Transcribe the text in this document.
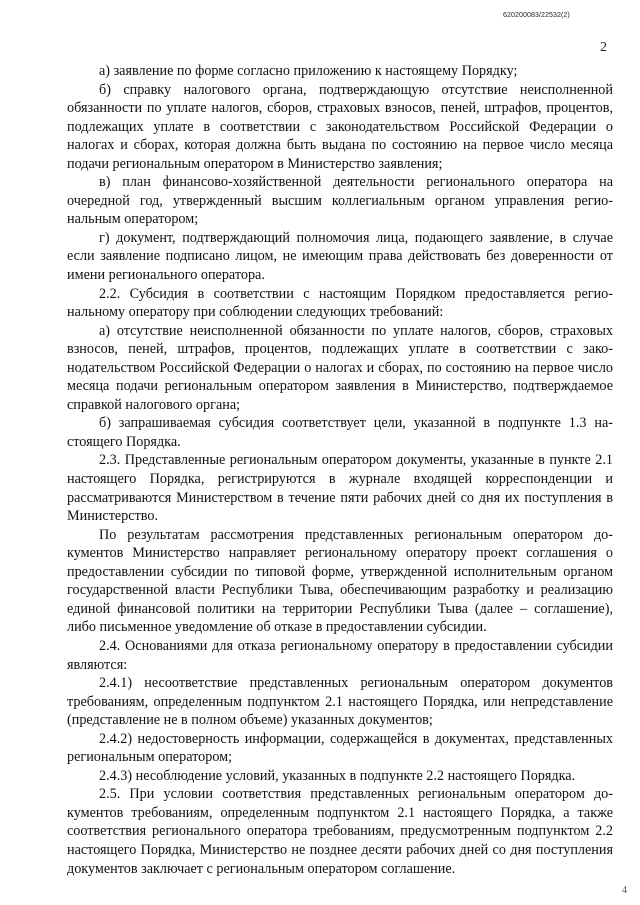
620200083/22532(2)
2

а) заявление по форме согласно приложению к настоящему Порядку;

б) справку налогового органа, подтверждающую отсутствие неисполненной обязанности по уплате налогов, сборов, страховых взносов, пеней, штрафов, процентов, подлежащих уплате в соответствии с законодательством Российской Федерации о налогах и сборах, которая должна быть выдана по состоянию на первое число месяца подачи региональным оператором в Министерство заявления;

в) план финансово-хозяйственной деятельности регионального оператора на очередной год, утвержденный высшим коллегиальным органом управления региональным оператором;

г) документ, подтверждающий полномочия лица, подающего заявление, в случае если заявление подписано лицом, не имеющим права действовать без доверенности от имени регионального оператора.

2.2. Субсидия в соответствии с настоящим Порядком предоставляется региональному оператору при соблюдении следующих требований:

а) отсутствие неисполненной обязанности по уплате налогов, сборов, страховых взносов, пеней, штрафов, процентов, подлежащих уплате в соответствии с законодательством Российской Федерации о налогах и сборах, по состоянию на первое число месяца подачи региональным оператором заявления в Министерство, подтверждаемое справкой налогового органа;

б) запрашиваемая субсидия соответствует цели, указанной в подпункте 1.3 настоящего Порядка.

2.3. Представленные региональным оператором документы, указанные в пункте 2.1 настоящего Порядка, регистрируются в журнале входящей корреспонденции и рассматриваются Министерством в течение пяти рабочих дней со дня их поступления в Министерство.

По результатам рассмотрения представленных региональным оператором документов Министерство направляет региональному оператору проект соглашения о предоставлении субсидии по типовой форме, утвержденной исполнительным органом государственной власти Республики Тыва, обеспечивающим разработку и реализацию единой финансовой политики на территории Республики Тыва (далее – соглашение), либо письменное уведомление об отказе в предоставлении субсидии.

2.4. Основаниями для отказа региональному оператору в предоставлении субсидии являются:

2.4.1) несоответствие представленных региональным оператором документов требованиям, определенным подпунктом 2.1 настоящего Порядка, или непредставление (представление не в полном объеме) указанных документов;

2.4.2) недостоверность информации, содержащейся в документах, представленных региональным оператором;

2.4.3) несоблюдение условий, указанных в подпункте 2.2 настоящего Порядка.

2.5. При условии соответствия представленных региональным оператором документов требованиям, определенным подпунктом 2.1 настоящего Порядка, а также соответствия регионального оператора требованиям, предусмотренным подпунктом 2.2 настоящего Порядка, Министерство не позднее десяти рабочих дней со дня поступления документов заключает с региональным оператором соглашение.

4
